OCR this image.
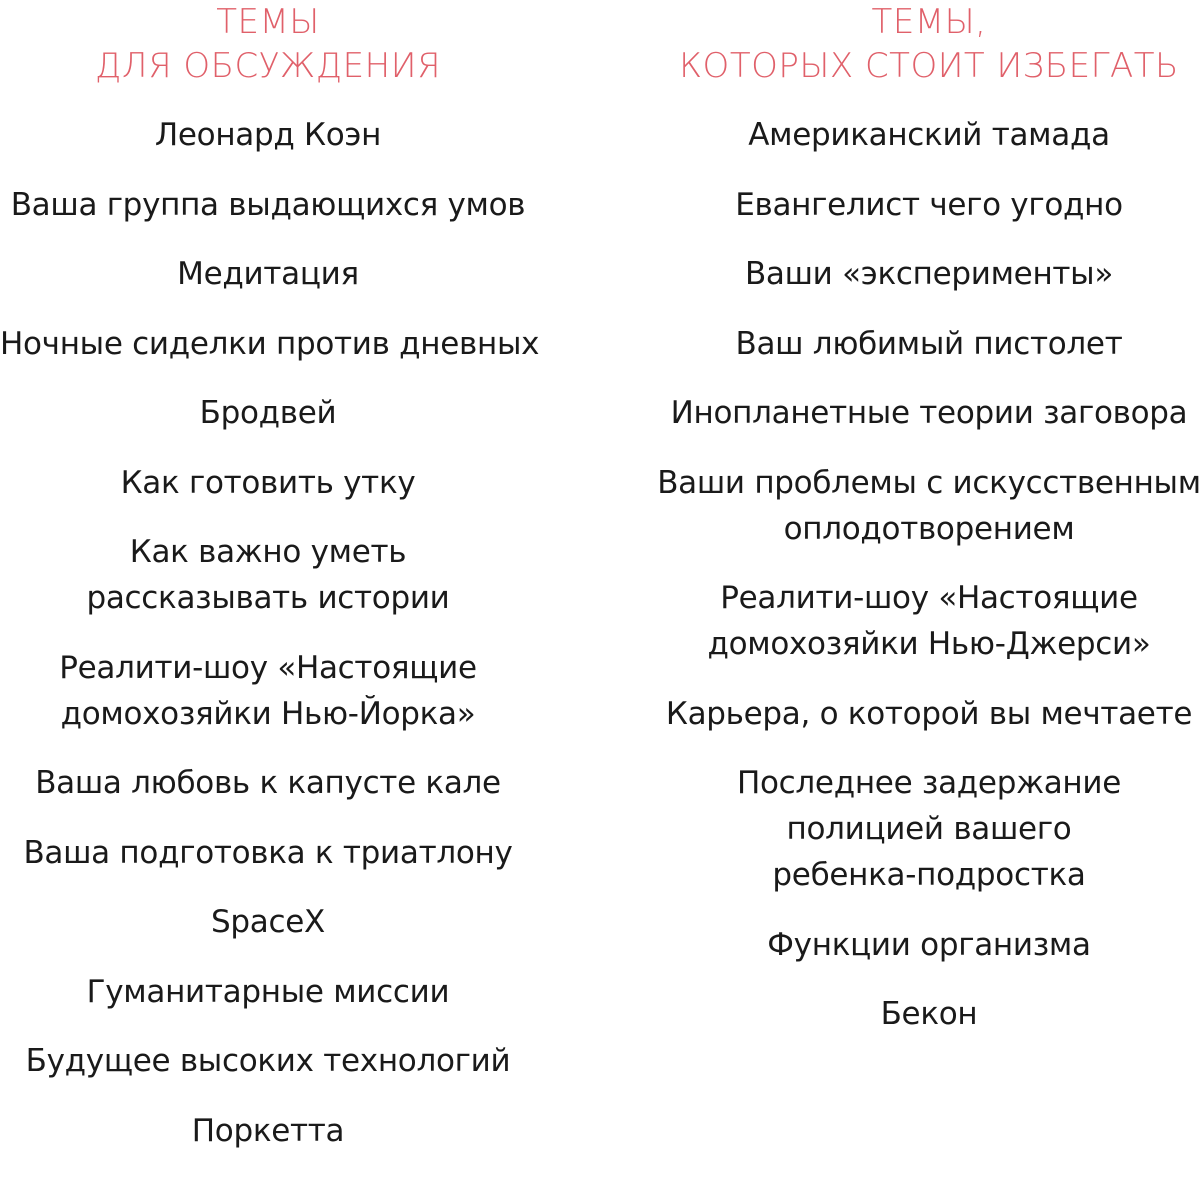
ТЕМЫ
ДЛЯ ОБСУЖДЕНИЯ
Леонард Коэн
Ваша группа выдающихся умов
Медитация
Ночные сиделки против дневных
Бродвей
Как готовить утку
Как важно уметь
рассказывать истории
Реалити-шоу «Настоящие
домохозяйки Нью-Йорка»
Ваша любовь к капусте кале
Ваша подготовка к триатлону
SpaceX
Гуманитарные миссии
Будущее высоких технологий
Поркетта
ТЕМЫ,
КОТОРЫХ СТОИТ ИЗБЕГАТЬ
Американский тамада
Евангелист чего угодно
Ваши «эксперименты»
Ваш любимый пистолет
Инопланетные теории заговора
Ваши проблемы с искусственным
оплодотворением
Реалити-шоу «Настоящие
домохозяйки Нью-Джерси»
Карьера, о которой вы мечтаете
Последнее задержание
полицией вашего
ребенка-подростка
Функции организма
Бекон
